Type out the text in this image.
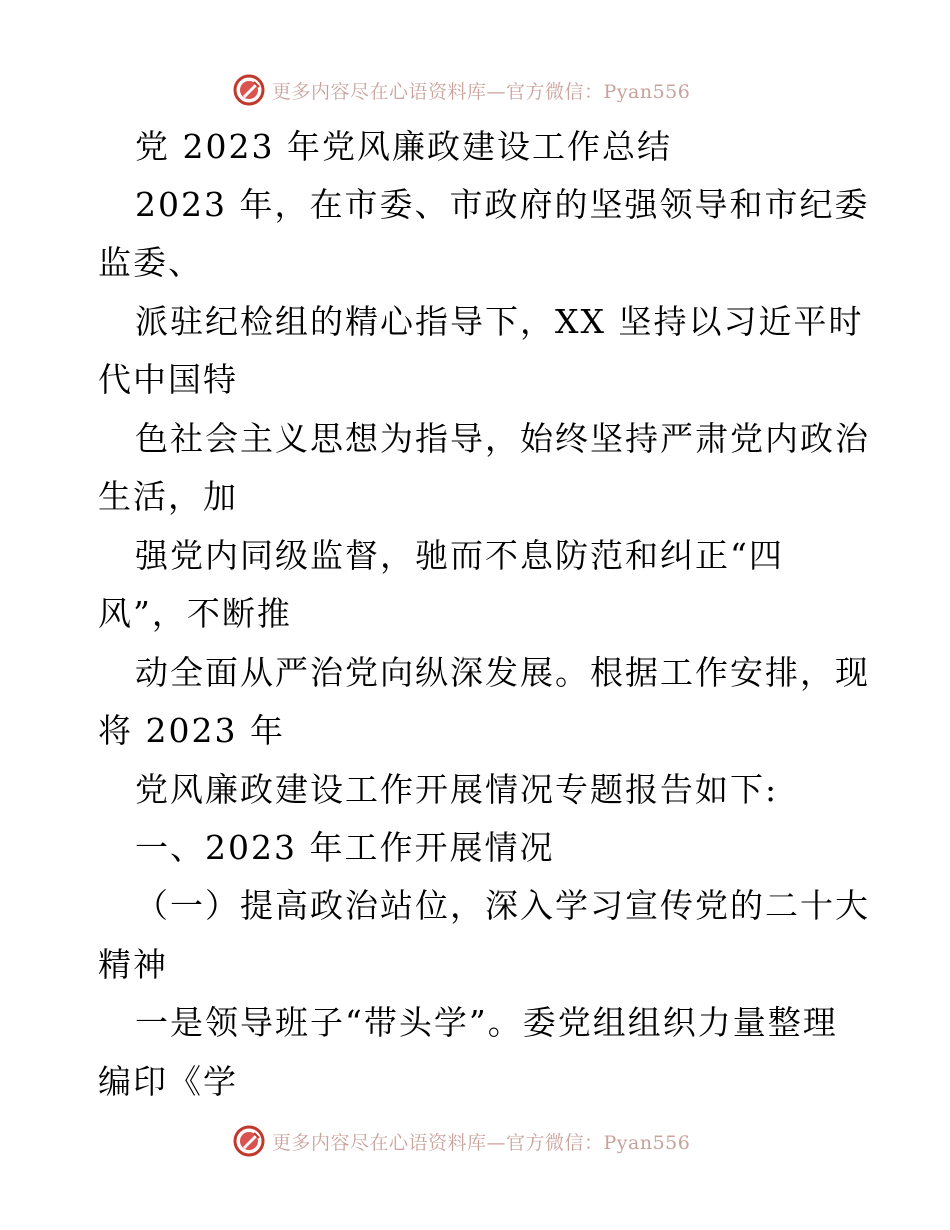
更多内容尽在心语资料库—官方微信：Pyan556
党 2023 年党风廉政建设工作总结
2023 年，在市委、市政府的坚强领导和市纪委
监委、
派驻纪检组的精心指导下，XX 坚持以习近平时
代中国特
色社会主义思想为指导，始终坚持严肃党内政治
生活，加
强党内同级监督，驰而不息防范和纠正“四
风”，不断推
动全面从严治党向纵深发展。根据工作安排，现
将 2023 年
党风廉政建设工作开展情况专题报告如下:
一、2023 年工作开展情况
（一）提高政治站位，深入学习宣传党的二十大
精神
一是领导班子“带头学”。委党组组织力量整理
编印《学
更多内容尽在心语资料库—官方微信：Pyan556
